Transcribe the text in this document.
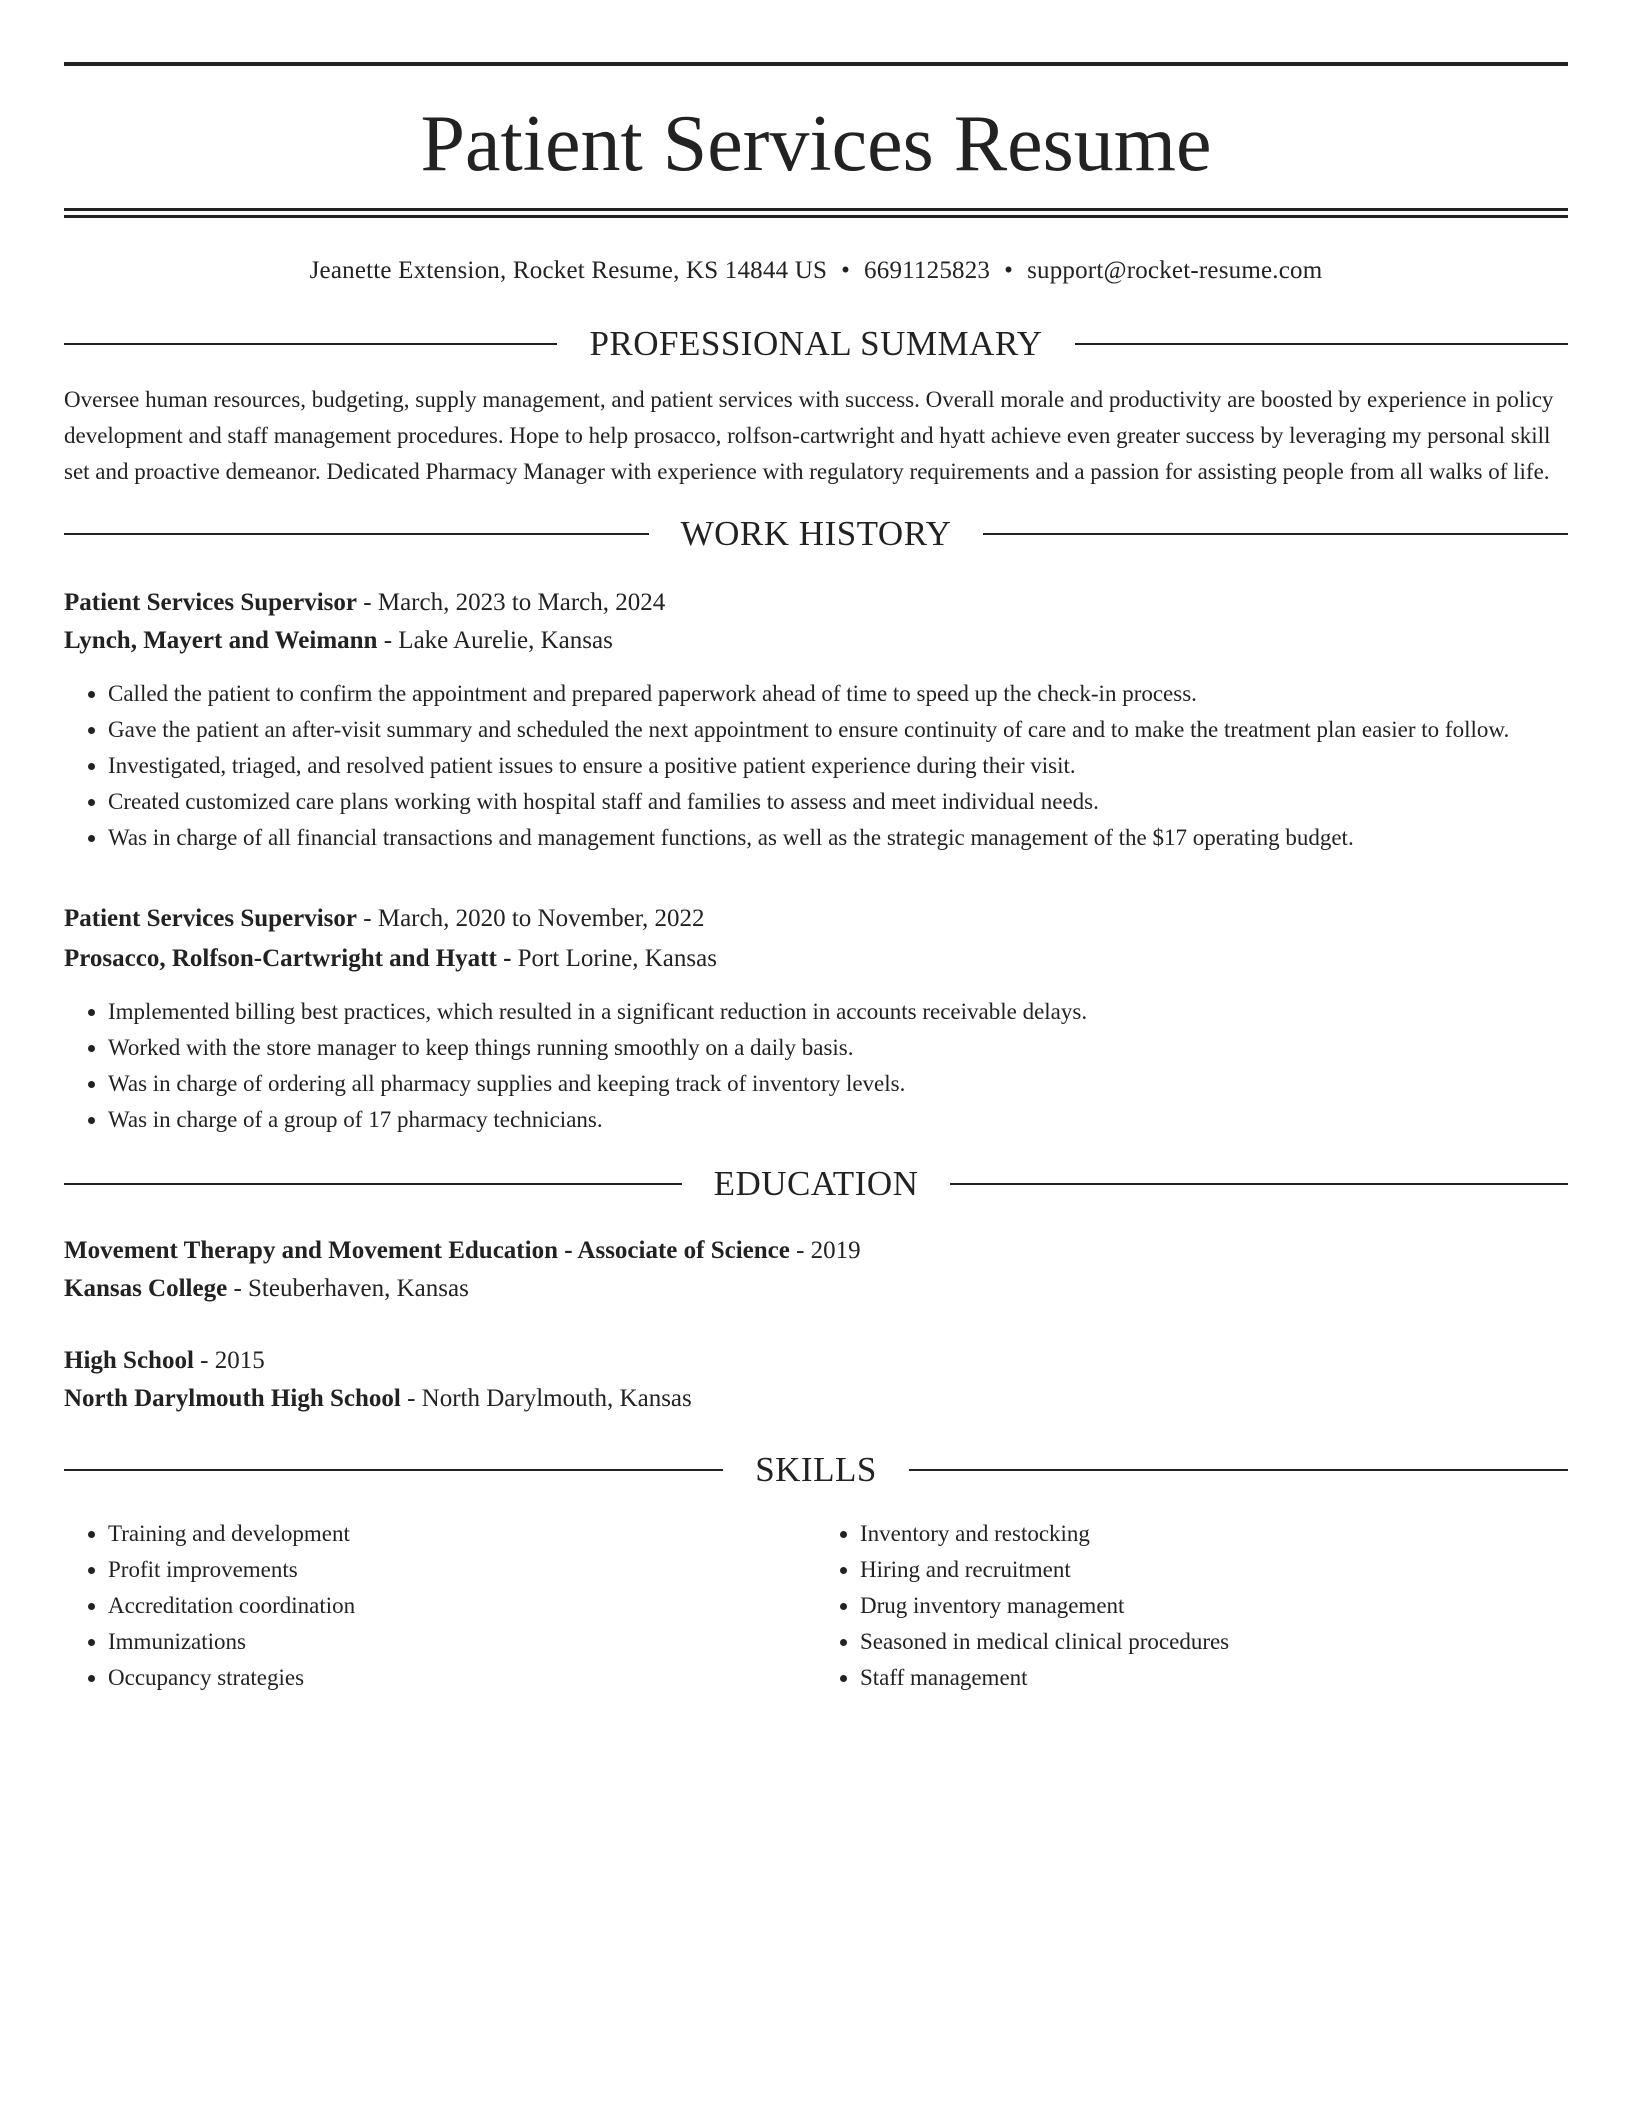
Patient Services Resume
Jeanette Extension, Rocket Resume, KS 14844 US • 6691125823 • support@rocket-resume.com
PROFESSIONAL SUMMARY
Oversee human resources, budgeting, supply management, and patient services with success. Overall morale and productivity are boosted by experience in policy development and staff management procedures. Hope to help prosacco, rolfson-cartwright and hyatt achieve even greater success by leveraging my personal skill set and proactive demeanor. Dedicated Pharmacy Manager with experience with regulatory requirements and a passion for assisting people from all walks of life.
WORK HISTORY
Patient Services Supervisor - March, 2023 to March, 2024
Lynch, Mayert and Weimann - Lake Aurelie, Kansas
• Called the patient to confirm the appointment and prepared paperwork ahead of time to speed up the check-in process.
• Gave the patient an after-visit summary and scheduled the next appointment to ensure continuity of care and to make the treatment plan easier to follow.
• Investigated, triaged, and resolved patient issues to ensure a positive patient experience during their visit.
• Created customized care plans working with hospital staff and families to assess and meet individual needs.
• Was in charge of all financial transactions and management functions, as well as the strategic management of the $17 operating budget.
Patient Services Supervisor - March, 2020 to November, 2022
Prosacco, Rolfson-Cartwright and Hyatt - Port Lorine, Kansas
• Implemented billing best practices, which resulted in a significant reduction in accounts receivable delays.
• Worked with the store manager to keep things running smoothly on a daily basis.
• Was in charge of ordering all pharmacy supplies and keeping track of inventory levels.
• Was in charge of a group of 17 pharmacy technicians.
EDUCATION
Movement Therapy and Movement Education - Associate of Science - 2019
Kansas College - Steuberhaven, Kansas
High School - 2015
North Darylmouth High School - North Darylmouth, Kansas
SKILLS
• Training and development
• Profit improvements
• Accreditation coordination
• Immunizations
• Occupancy strategies
• Inventory and restocking
• Hiring and recruitment
• Drug inventory management
• Seasoned in medical clinical procedures
• Staff management
